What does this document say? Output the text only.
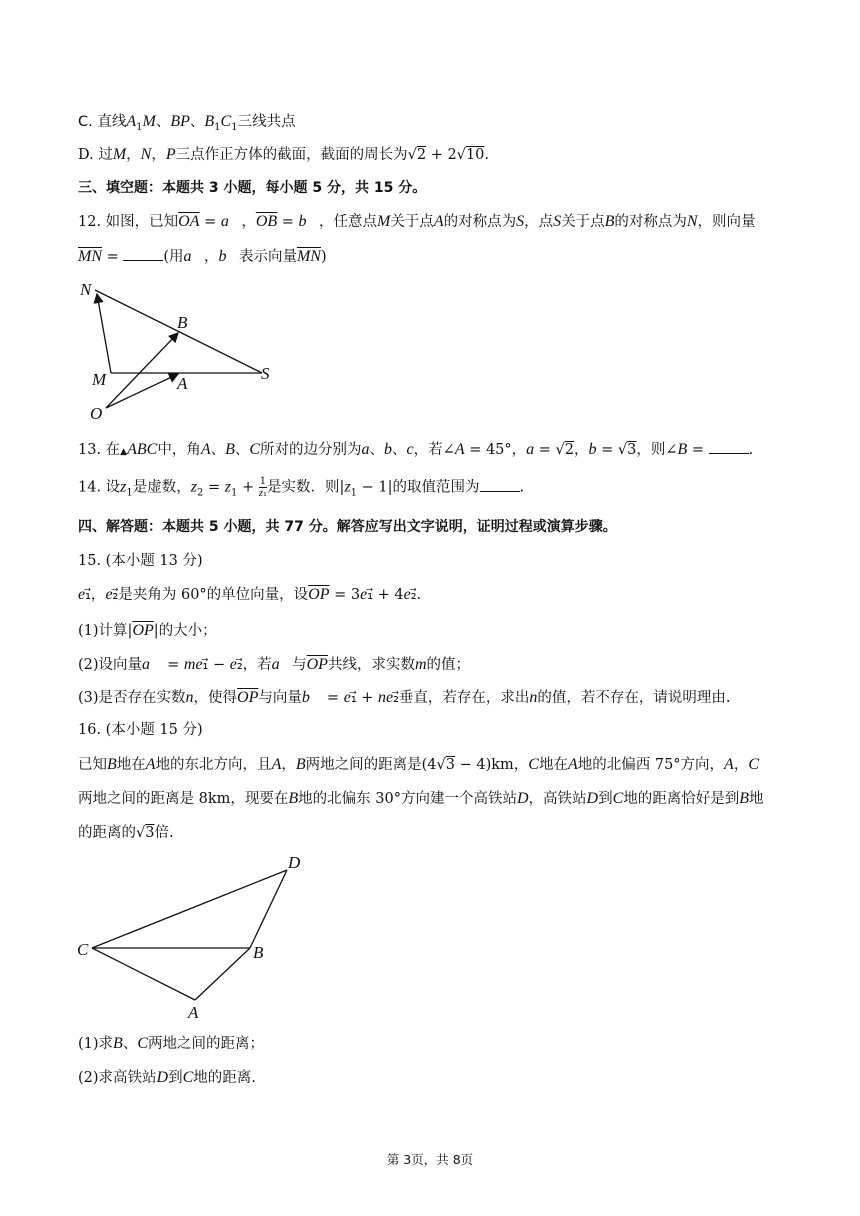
C. 直线$A_1M$、BP、$B_1C_1$三线共点
D. 过M，N，P三点作正方体的截面，截面的周长为√2 + 2√10.
三、填空题：本题共 3 小题，每小题 5 分，共 15 分。
12. 如图，已知$\overline{OA}$ = a⃗，$\overline{OB}$ = b⃗，任意点M关于点A的对称点为S，点S关于点B的对称点为N，则向量
$\overline{MN}$ =	(用a⃗，b⃗表示向量$\overline{MN}$)
N
B
M	A
S
O
13. 在▲ABC中，角A、B、C所对的边分别为a、b、c，若∠A = 45°，a = √2，b = √3，则∠B =	.
14. 设$z_1$是虚数，$z_2 = z_1 + \frac{1}{\text{z₁}}$ 是实数．则$|z_1 - 1|$的取值范围为	.
四、解答题：本题共 5 小题，共 77 分。解答应写出文字说明，证明过程或演算步骤。
15. (本小题 13 分)
e₁⃗，e₂⃗是夹角为 60°的单位向量，设$\overline{OP}$ = 3e₁⃗ + 4e₂⃗.
(1)计算$|\overline{OP}|$的大小；
(2)设向量a⃗ = me₁⃗ − e₂⃗，若a⃗与$\overline{OP}$共线，求实数m的值；
(3)是否存在实数n，使得$\overline{OP}$与向量b⃗ = e₁⃗ + ne₂⃗垂直，若存在，求出n的值，若不存在，请说明理由.
16. (本小题 15 分)
已知B地在A地的东北方向，且A，B两地之间的距离是(4√3 − 4)km，C地在A地的北偏西 75°方向，A，C
两地之间的距离是 8km，现要在B地的北偏东 30°方向建一个高铁站D，高铁站D到C地的距离恰好是到B地
的距离的√3倍.
D
C	B
A
(1)求B、C两地之间的距离；
(2)求高铁站D到C地的距离.
第 3页，共 8页
